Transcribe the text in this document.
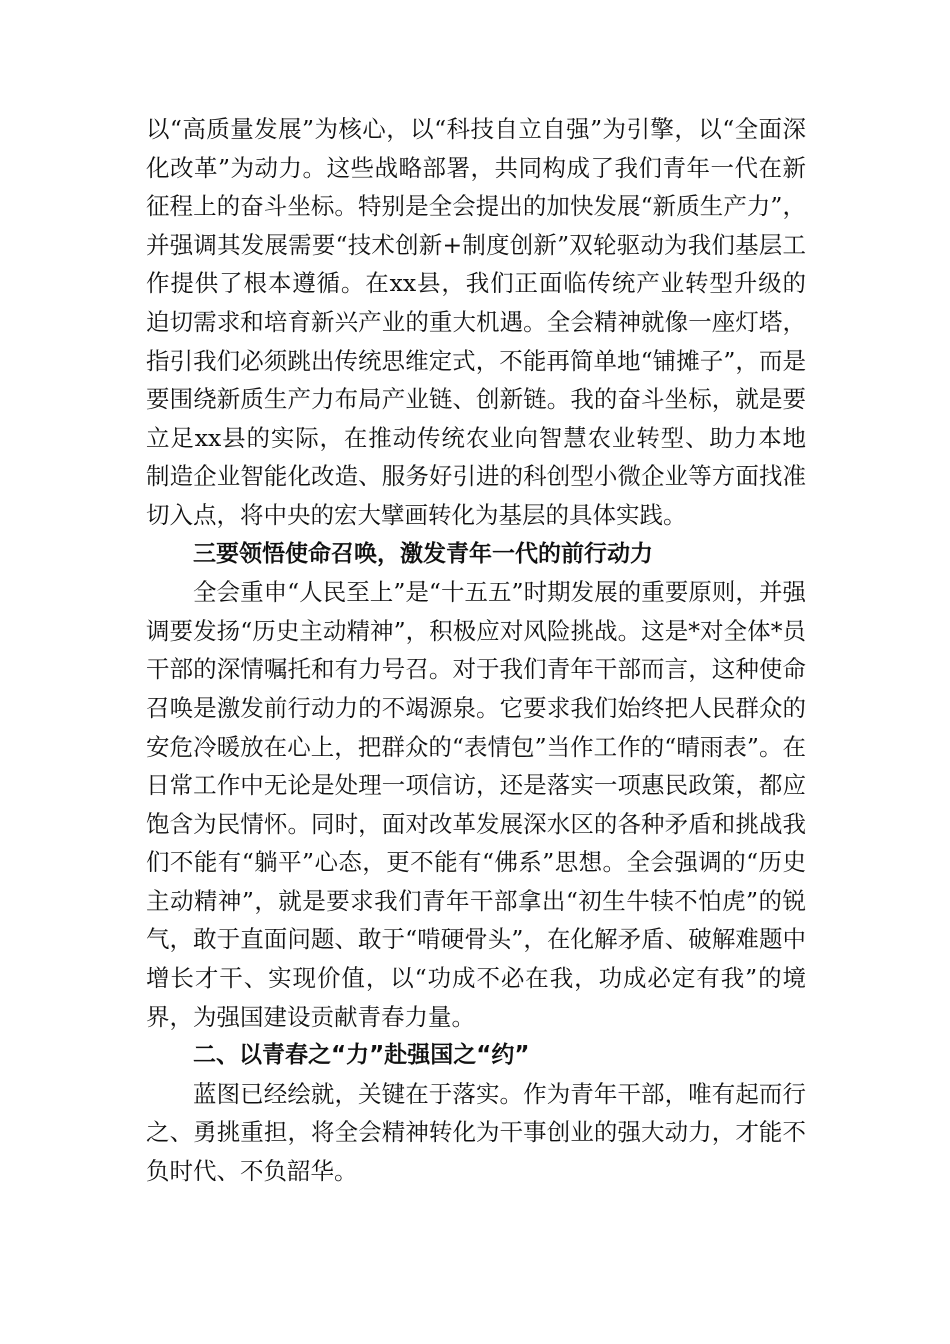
以“高质量发展”为核心，以“科技自立自强”为引擎，以“全面深化改革”为动力。这些战略部署，共同构成了我们青年一代在新征程上的奋斗坐标。特别是全会提出的加快发展“新质生产力”，并强调其发展需要“技术创新+制度创新”双轮驱动为我们基层工作提供了根本遵循。在xx县，我们正面临传统产业转型升级的迫切需求和培育新兴产业的重大机遇。全会精神就像一座灯塔，指引我们必须跳出传统思维定式，不能再简单地“铺摊子”，而是要围绕新质生产力布局产业链、创新链。我的奋斗坐标，就是要立足xx县的实际，在推动传统农业向智慧农业转型、助力本地制造企业智能化改造、服务好引进的科创型小微企业等方面找准切入点，将中央的宏大擘画转化为基层的具体实践。

三要领悟使命召唤，激发青年一代的前行动力

全会重申“人民至上”是“十五五”时期发展的重要原则，并强调要发扬“历史主动精神”，积极应对风险挑战。这是*对全体*员干部的深情嘱托和有力号召。对于我们青年干部而言，这种使命召唤是激发前行动力的不竭源泉。它要求我们始终把人民群众的安危冷暖放在心上，把群众的“表情包”当作工作的“晴雨表”。在日常工作中无论是处理一项信访，还是落实一项惠民政策，都应饱含为民情怀。同时，面对改革发展深水区的各种矛盾和挑战我们不能有“躺平”心态，更不能有“佛系”思想。全会强调的“历史主动精神”，就是要求我们青年干部拿出“初生牛犊不怕虎”的锐气，敢于直面问题、敢于“啃硬骨头”，在化解矛盾、破解难题中增长才干、实现价值，以“功成不必在我，功成必定有我”的境界，为强国建设贡献青春力量。

二、以青春之“力”赴强国之“约”

蓝图已经绘就，关键在于落实。作为青年干部，唯有起而行之、勇挑重担，将全会精神转化为干事创业的强大动力，才能不负时代、不负韶华。
